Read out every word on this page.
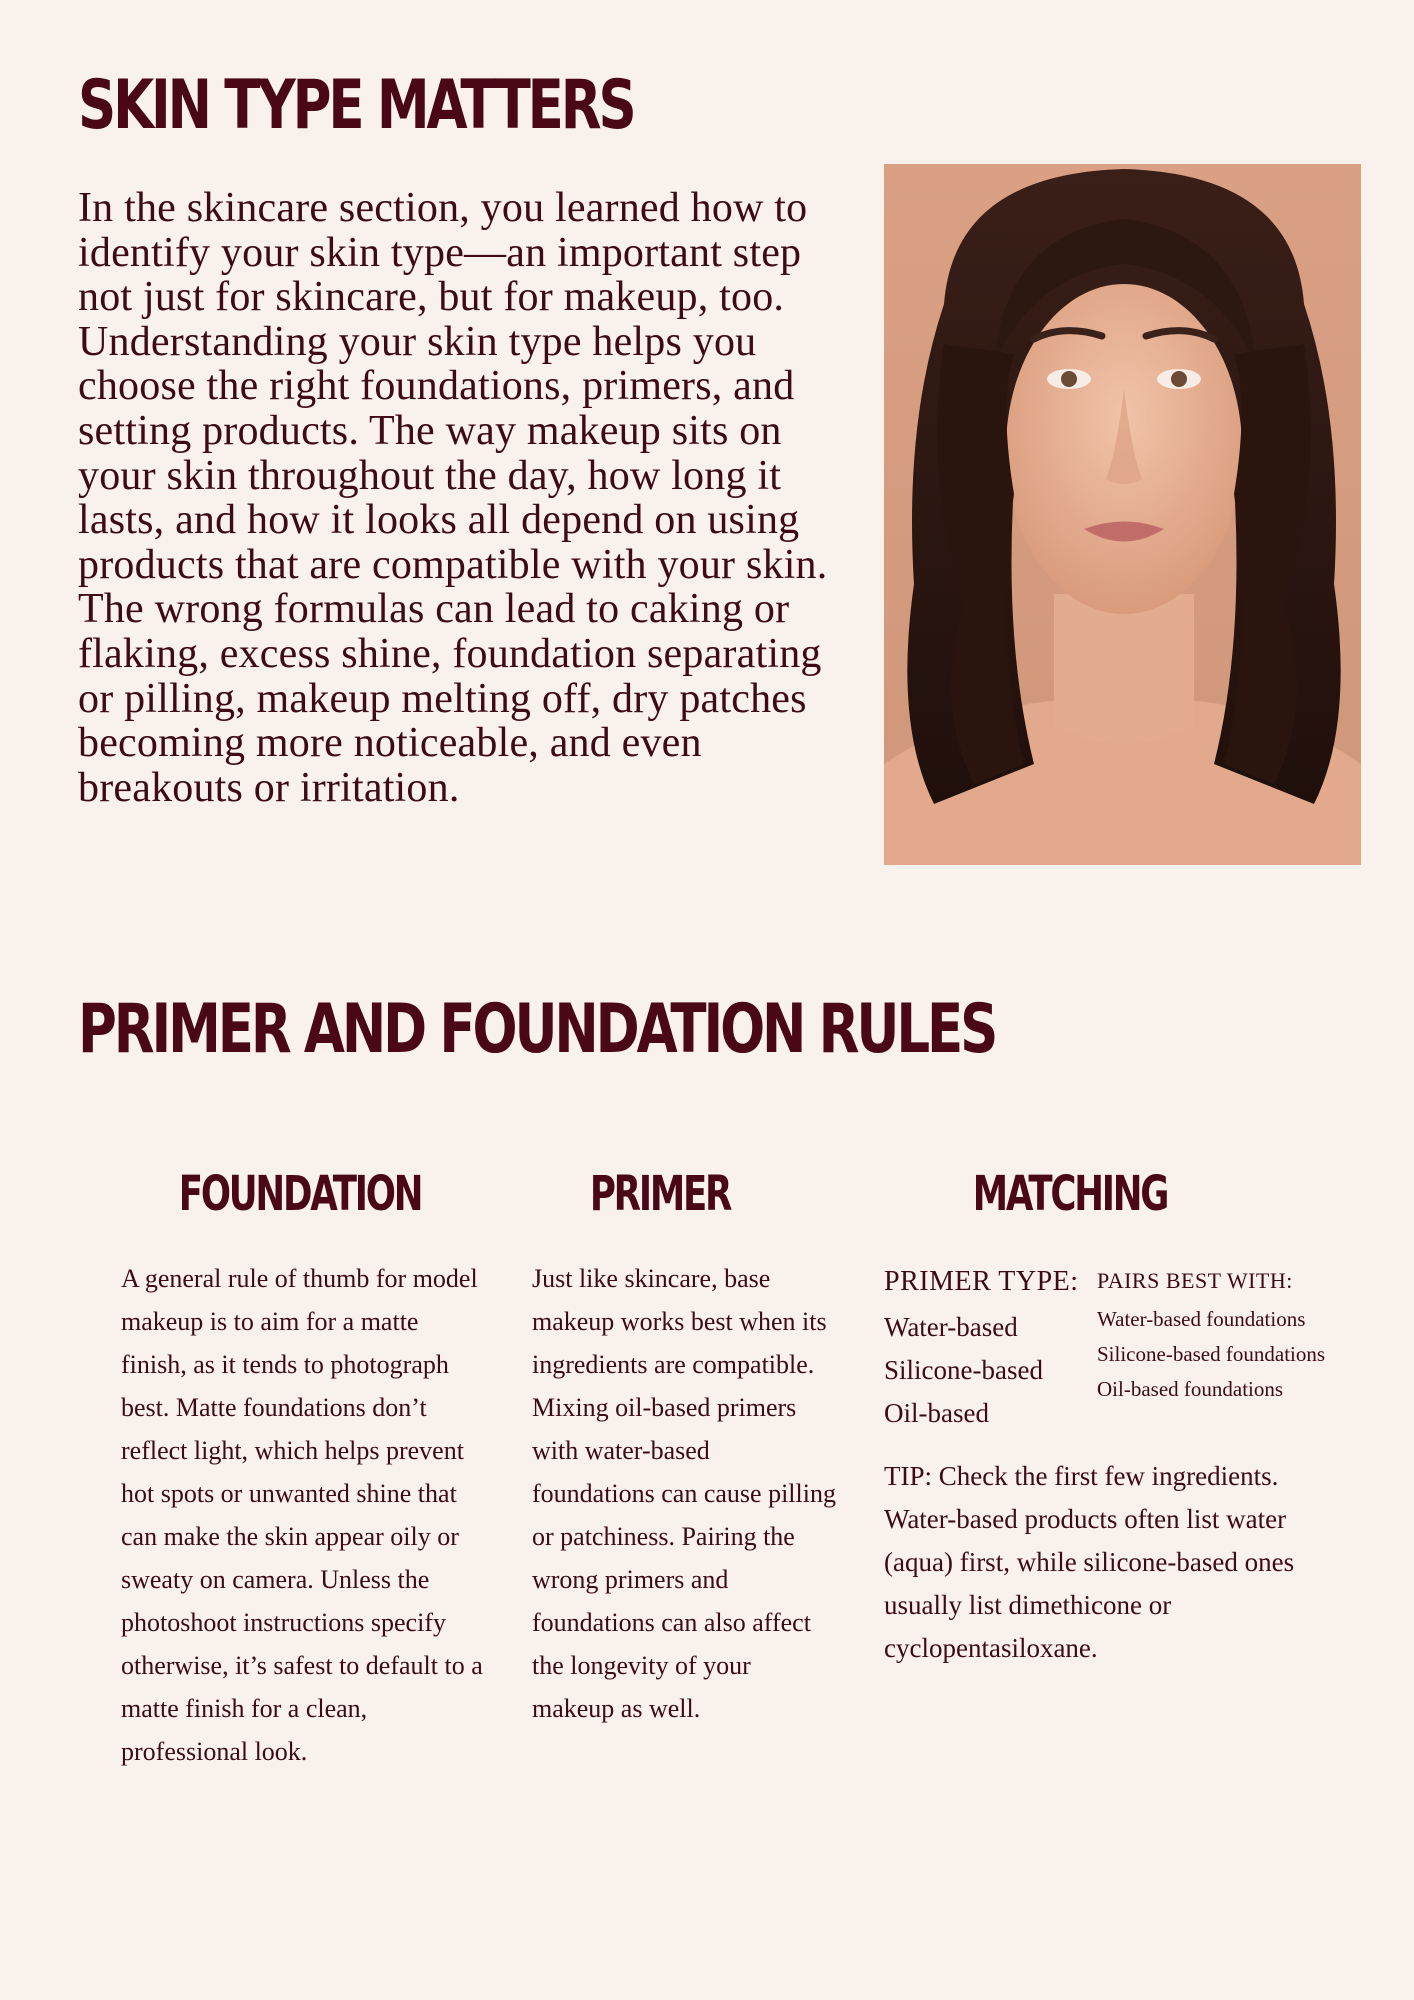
SKIN TYPE MATTERS
In the skincare section, you learned how to identify your skin type—an important step not just for skincare, but for makeup, too. Understanding your skin type helps you choose the right foundations, primers, and setting products. The way makeup sits on your skin throughout the day, how long it lasts, and how it looks all depend on using products that are compatible with your skin. The wrong formulas can lead to caking or flaking, excess shine, foundation separating or pilling, makeup melting off, dry patches becoming more noticeable, and even breakouts or irritation.
PRIMER AND FOUNDATION RULES
FOUNDATION	PRIMER	MATCHING
A general rule of thumb for model makeup is to aim for a matte finish, as it tends to photograph best. Matte foundations don’t reflect light, which helps prevent hot spots or unwanted shine that can make the skin appear oily or sweaty on camera. Unless the photoshoot instructions specify otherwise, it’s safest to default to a matte finish for a clean, professional look.
Just like skincare, base makeup works best when its ingredients are compatible. Mixing oil-based primers with water-based foundations can cause pilling or patchiness. Pairing the wrong primers and foundations can also affect the longevity of your makeup as well.
PRIMER TYPE:
Water-based
Silicone-based
Oil-based
PAIRS BEST WITH:
Water-based foundations
Silicone-based foundations
Oil-based foundations
TIP: Check the first few ingredients. Water-based products often list water (aqua) first, while silicone-based ones usually list dimethicone or cyclopentasiloxane.
